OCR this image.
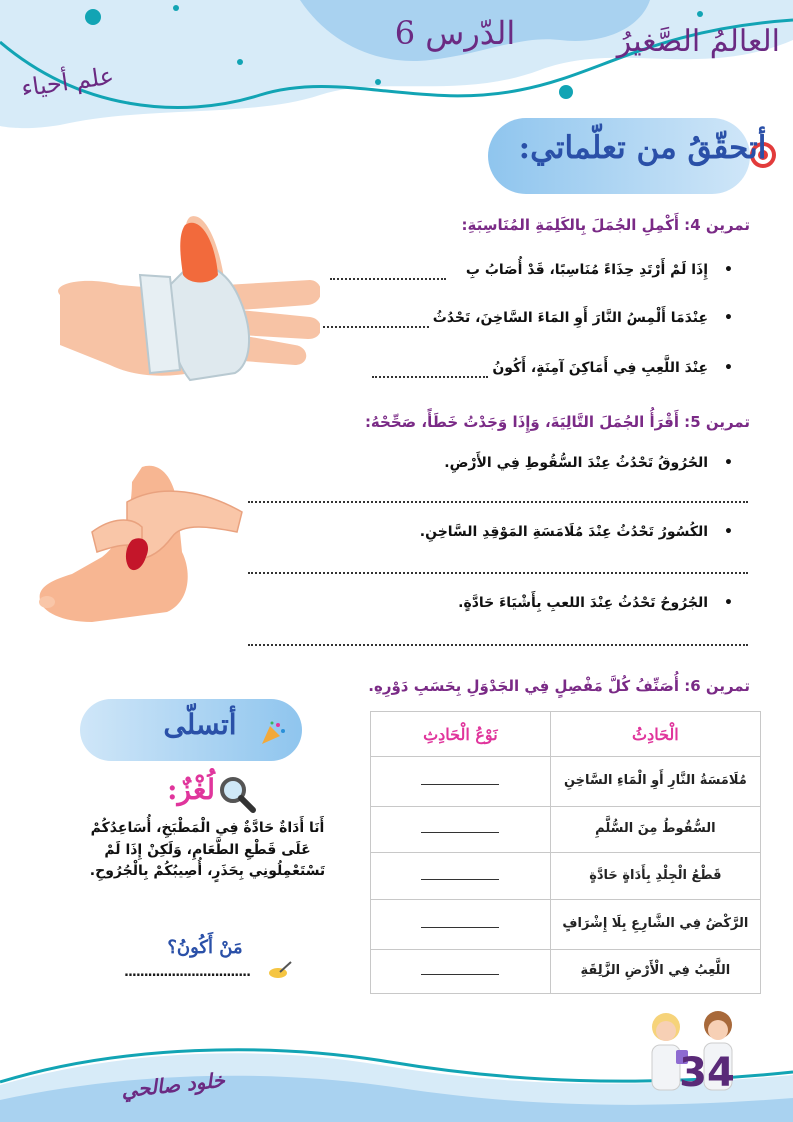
العالمُ الصَّغيرُ
الدّرس 6
علم أحياء
أتحقّقُ من تعلّماتي:
تمرين 4: أَكْمِلِ الجُمَلَ بِالكَلِمَةِ المُنَاسِبَةِ:
• إِذَا لَمْ أَرْتَدِ حِذَاءً مُنَاسِبًا، قَدْ أُصَابُ بِ
• عِنْدَمَا أَلْمِسُ النَّارَ أَوِ المَاءَ السَّاخِنَ، تَحْدُثُ
• عِنْدَ اللَّعِبِ فِي أَمَاكِنَ آمِنَةٍ، أَكُونُ
تمرين 5: أَقْرَأُ الجُمَلَ التَّالِيَةَ، وَإِذَا وَجَدْتُ خَطَأً، صَحِّحْهُ:
• الحُرُوقُ تَحْدُثُ عِنْدَ السُّقُوطِ فِي الأَرْضِ.
• الكُسُورُ تَحْدُثُ عِنْدَ مُلَامَسَةِ المَوْقِدِ السَّاخِنِ.
• الجُرُوحُ تَحْدُثُ عِنْدَ اللعبِ بِأَشْيَاءَ حَادَّةٍ.
تمرين 6: أُصَنِّفُ كُلَّ مَفْصِلٍ فِي الجَدْوَلِ بِحَسَبِ دَوْرِهِ.
الْحَادِثُ	نَوْعُ الْحَادِثِ
مُلَامَسَةُ النَّارِ أَوِ الْمَاءِ السَّاخِنِ	
السُّقُوطُ مِنَ السُّلَّمِ	
قَطْعُ الْجِلْدِ بِأَدَاةٍ حَادَّةٍ	
الرَّكْضُ فِي الشَّارِعِ بِلَا إِشْرَافٍ	
اللَّعِبُ فِي الْأَرْضِ الزَّلِقَةِ	
أتسلّى
لُغْزٌ:
أَنَا أَدَاةٌ حَادَّةٌ فِي الْمَطْبَخِ، أُسَاعِدُكُمْ عَلَى قَطْعِ الطَّعَامِ، وَلَكِنْ إِذَا لَمْ تَسْتَعْمِلُونِي بِحَذَرٍ، أُصِيبُكُمْ بِالْجُرُوحِ.
مَنْ أَكُونُ؟
................................
خلود صالحي	34
